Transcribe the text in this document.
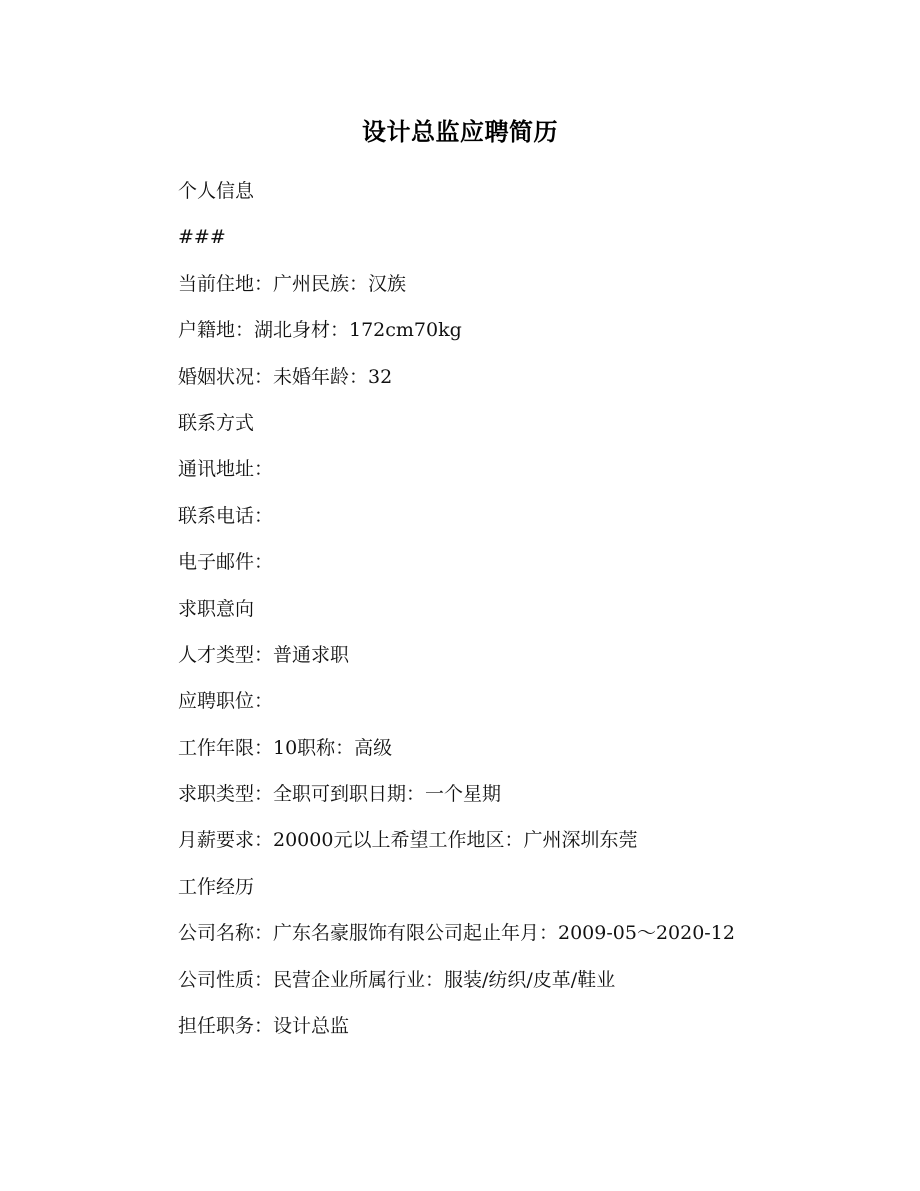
设计总监应聘简历
个人信息
###
当前住地：广州民族：汉族
户籍地：湖北身材：172cm70kg
婚姻状况：未婚年龄：32
联系方式
通讯地址：
联系电话：
电子邮件：
求职意向
人才类型：普通求职
应聘职位：
工作年限：10职称：高级
求职类型：全职可到职日期：一个星期
月薪要求：20000元以上希望工作地区：广州深圳东莞
工作经历
公司名称：广东名豪服饰有限公司起止年月：2009-05～2020-12
公司性质：民营企业所属行业：服装/纺织/皮革/鞋业
担任职务：设计总监
